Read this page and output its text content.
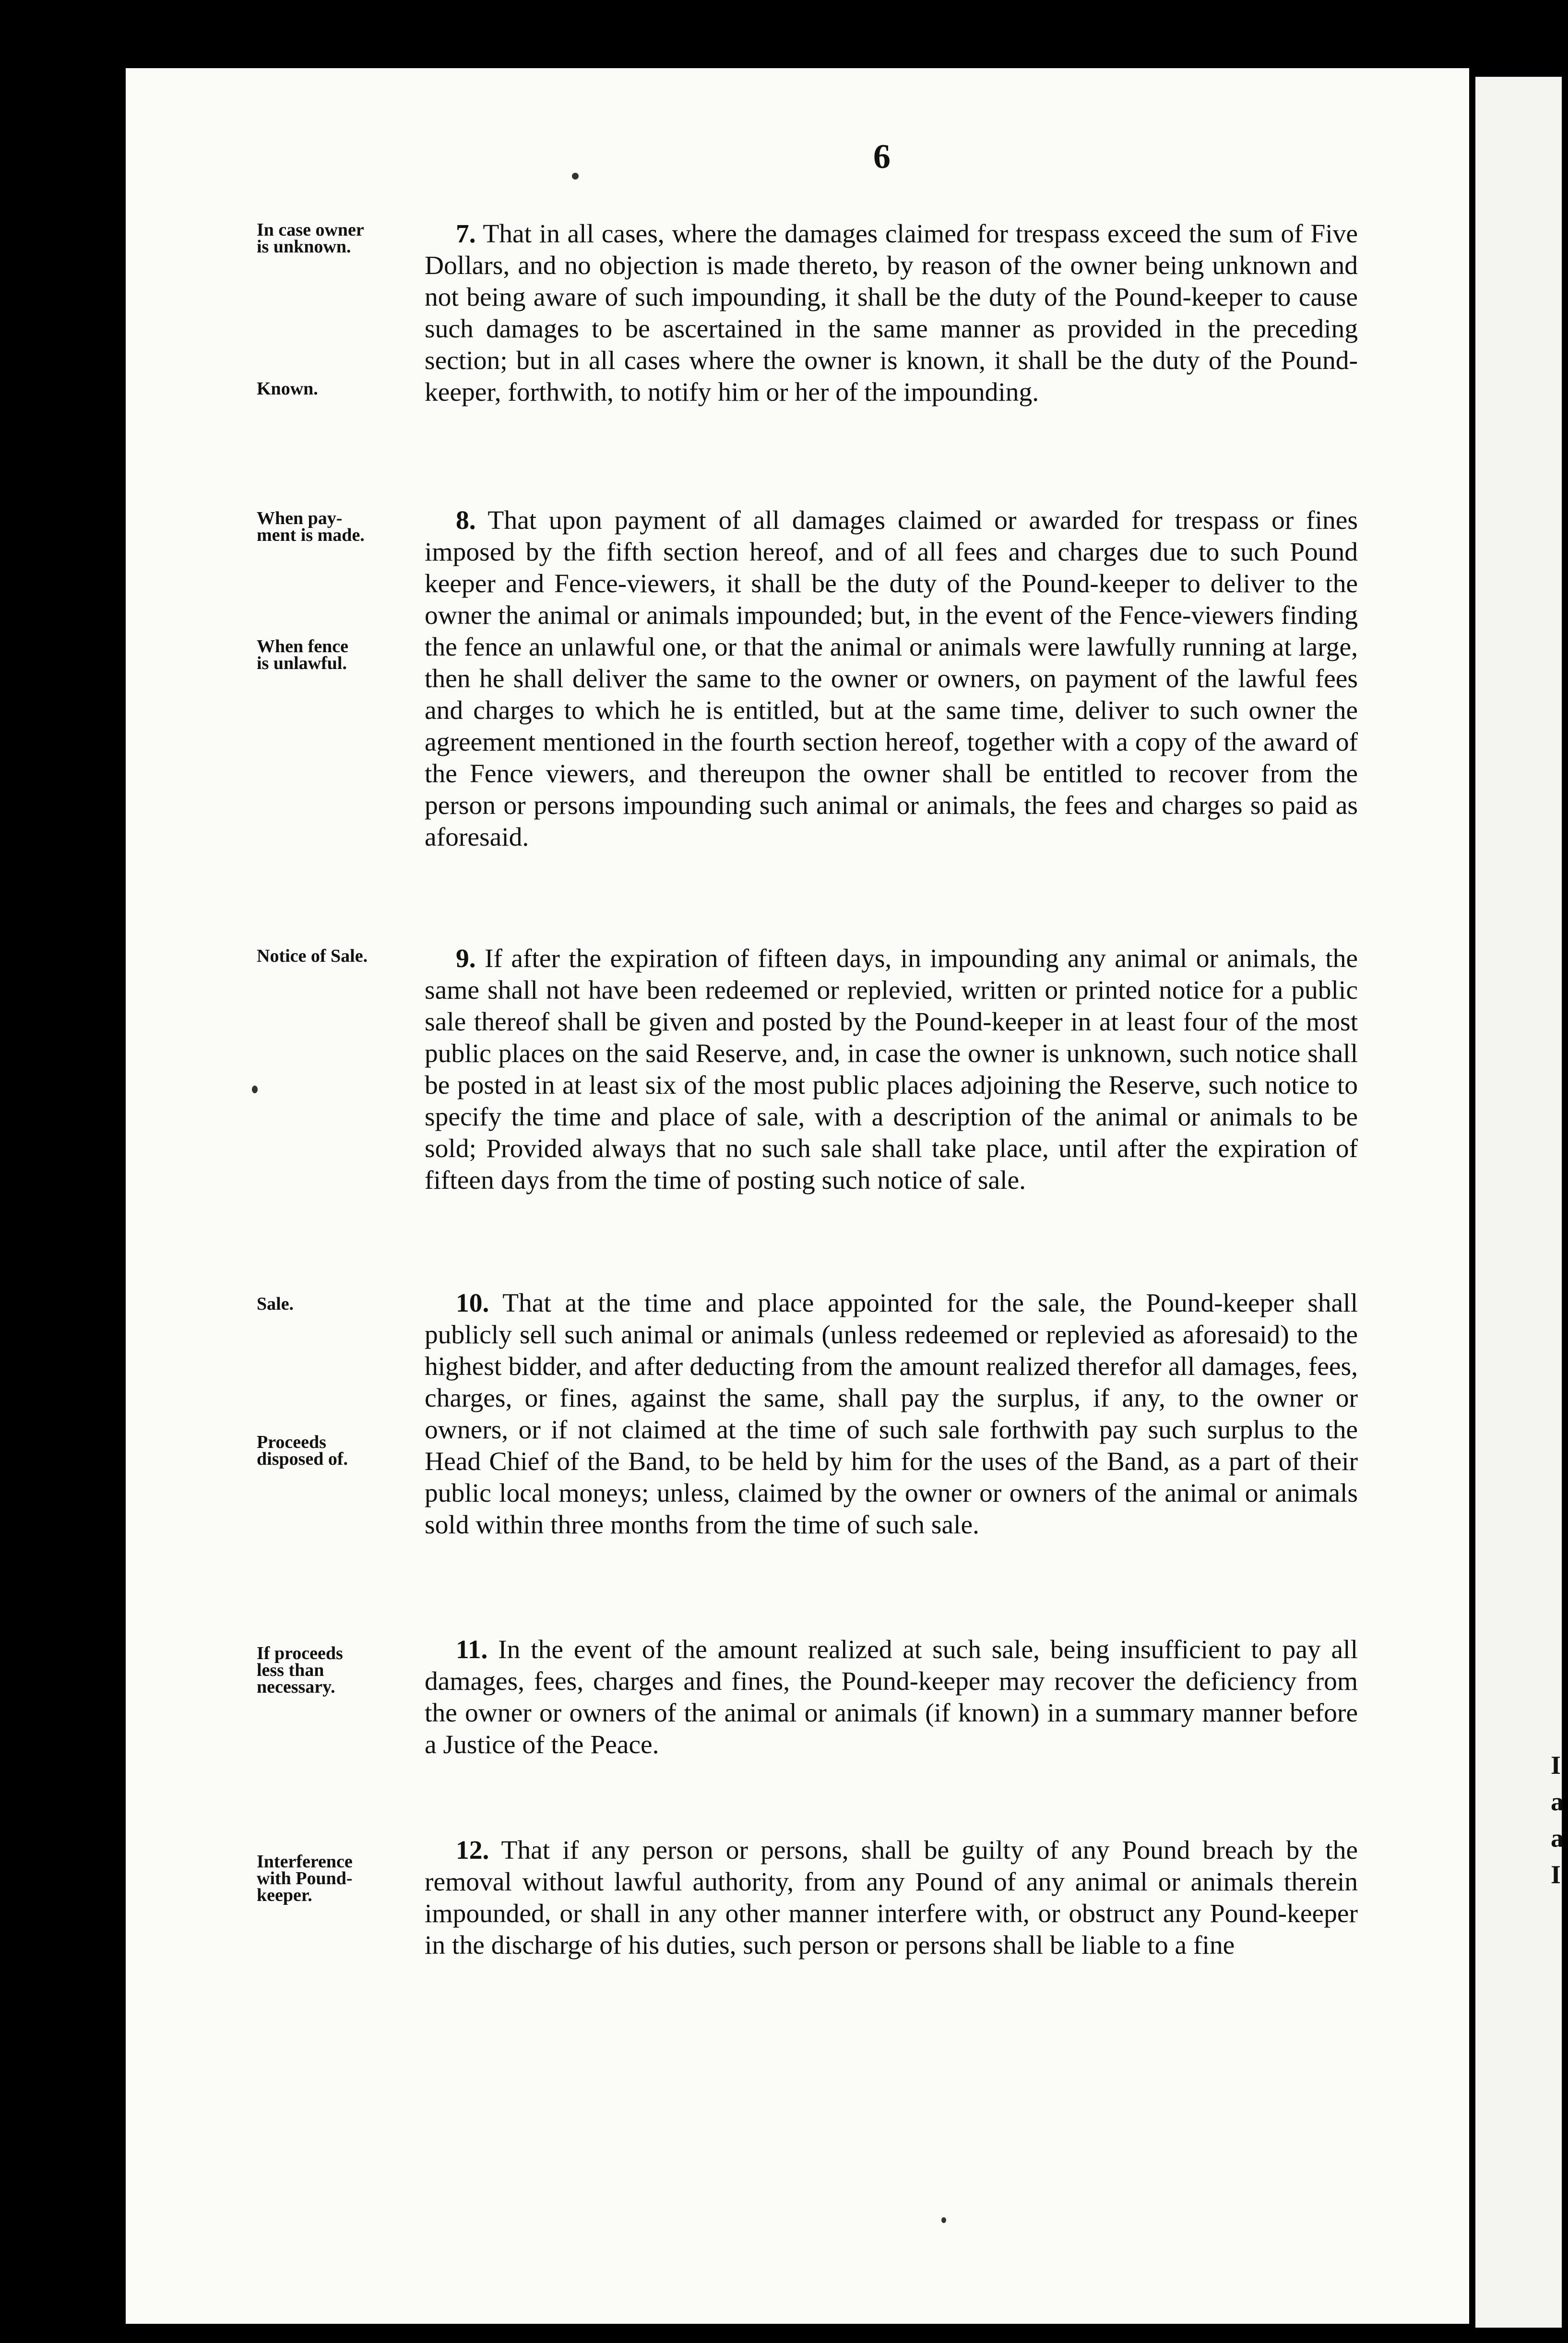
I
a
a
I
6
In case owner
is unknown.
Known.

7. That in all cases, where the damages claimed for trespass exceed the sum of Five Dollars, and no objection is made thereto, by reason of the owner being unknown and not being aware of such impounding, it shall be the duty of the Pound-keeper to cause such damages to be ascertained in the same manner as provided in the preceding section; but in all cases where the owner is known, it shall be the duty of the Pound-keeper, forthwith, to notify him or her of the impounding.

When pay-
ment is made.
When fence
is unlawful.

8. That upon payment of all damages claimed or awarded for trespass or fines imposed by the fifth section hereof, and of all fees and charges due to such Pound keeper and Fence-viewers, it shall be the duty of the Pound-keeper to deliver to the owner the animal or animals impounded; but, in the event of the Fence-viewers finding the fence an unlawful one, or that the animal or animals were lawfully running at large, then he shall deliver the same to the owner or owners, on payment of the lawful fees and charges to which he is entitled, but at the same time, deliver to such owner the agreement mentioned in the fourth section hereof, together with a copy of the award of the Fence viewers, and thereupon the owner shall be entitled to recover from the person or persons impounding such animal or animals, the fees and charges so paid as aforesaid.

Notice of Sale.	9. If after the expiration of fifteen days, in impounding any animal or animals, the same shall not have been redeemed or replevied, written or printed notice for a public sale thereof shall be given and posted by the Pound-keeper in at least four of the most public places on the said Reserve, and, in case the owner is unknown, such notice shall be posted in at least six of the most public places adjoining the Reserve, such notice to specify the time and place of sale, with a description of the animal or animals to be sold; Provided always that no such sale shall take place, until after the expiration of fifteen days from the time of posting such notice of sale.

Sale.
Proceeds
disposed of.

10. That at the time and place appointed for the sale, the Pound-keeper shall publicly sell such animal or animals (unless redeemed or replevied as aforesaid) to the highest bidder, and after deducting from the amount realized therefor all damages, fees, charges, or fines, against the same, shall pay the surplus, if any, to the owner or owners, or if not claimed at the time of such sale forthwith pay such surplus to the Head Chief of the Band, to be held by him for the uses of the Band, as a part of their public local moneys; unless, claimed by the owner or owners of the animal or animals sold within three months from the time of such sale.

If proceeds
less than
necessary.

11. In the event of the amount realized at such sale, being insufficient to pay all damages, fees, charges and fines, the Pound-keeper may recover the deficiency from the owner or owners of the animal or animals (if known) in a summary manner before a Justice of the Peace.

Interference
with Pound-
keeper.

12. That if any person or persons, shall be guilty of any Pound breach by the removal without lawful authority, from any Pound of any animal or animals therein impounded, or shall in any other manner interfere with, or obstruct any Pound-keeper in the discharge of his duties, such person or persons shall be liable to a fine
